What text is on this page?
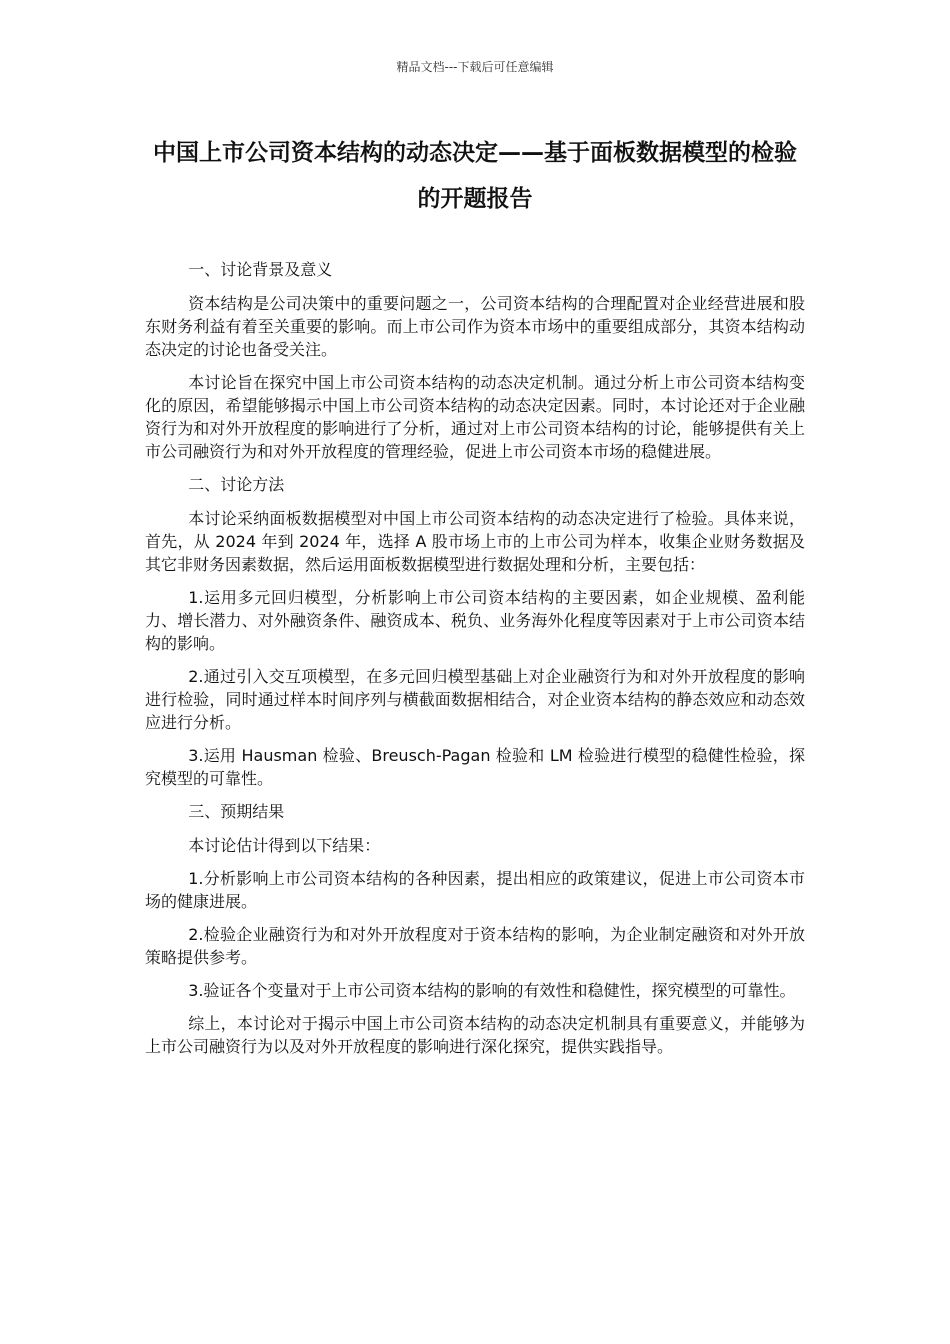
精品文档---下载后可任意编辑
中国上市公司资本结构的动态决定——基于面板数据模型的检验的开题报告

一、讨论背景及意义

资本结构是公司决策中的重要问题之一，公司资本结构的合理配置对企业经营进展和股东财务利益有着至关重要的影响。而上市公司作为资本市场中的重要组成部分，其资本结构动态决定的讨论也备受关注。

本讨论旨在探究中国上市公司资本结构的动态决定机制。通过分析上市公司资本结构变化的原因，希望能够揭示中国上市公司资本结构的动态决定因素。同时，本讨论还对于企业融资行为和对外开放程度的影响进行了分析，通过对上市公司资本结构的讨论，能够提供有关上市公司融资行为和对外开放程度的管理经验，促进上市公司资本市场的稳健进展。

二、讨论方法

本讨论采纳面板数据模型对中国上市公司资本结构的动态决定进行了检验。具体来说，首先，从 2024 年到 2024 年，选择 A 股市场上市的上市公司为样本，收集企业财务数据及其它非财务因素数据，然后运用面板数据模型进行数据处理和分析，主要包括：

1.运用多元回归模型，分析影响上市公司资本结构的主要因素，如企业规模、盈利能力、增长潜力、对外融资条件、融资成本、税负、业务海外化程度等因素对于上市公司资本结构的影响。

2.通过引入交互项模型，在多元回归模型基础上对企业融资行为和对外开放程度的影响进行检验，同时通过样本时间序列与横截面数据相结合，对企业资本结构的静态效应和动态效应进行分析。

3.运用 Hausman 检验、Breusch-Pagan 检验和 LM 检验进行模型的稳健性检验，探究模型的可靠性。

三、预期结果

本讨论估计得到以下结果：

1.分析影响上市公司资本结构的各种因素，提出相应的政策建议，促进上市公司资本市场的健康进展。

2.检验企业融资行为和对外开放程度对于资本结构的影响，为企业制定融资和对外开放策略提供参考。

3.验证各个变量对于上市公司资本结构的影响的有效性和稳健性，探究模型的可靠性。

综上，本讨论对于揭示中国上市公司资本结构的动态决定机制具有重要意义，并能够为上市公司融资行为以及对外开放程度的影响进行深化探究，提供实践指导。
